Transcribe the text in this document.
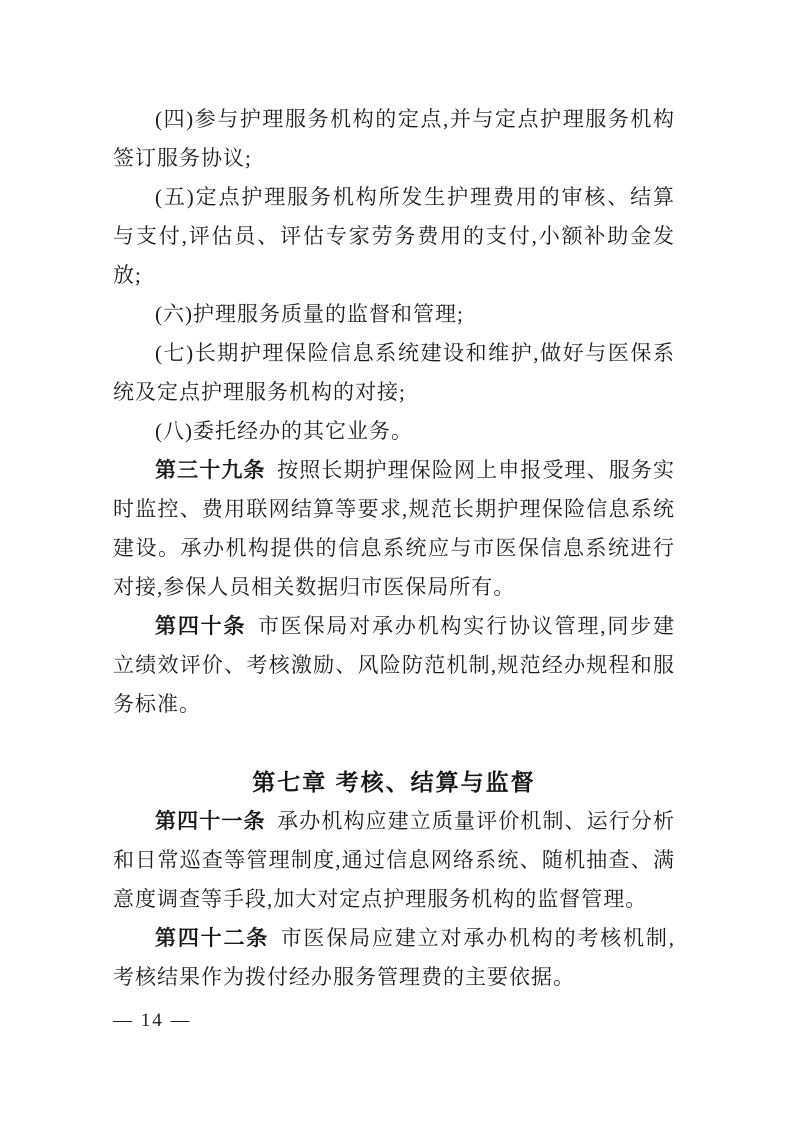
(四)参与护理服务机构的定点,并与定点护理服务机构签订服务协议;

(五)定点护理服务机构所发生护理费用的审核、结算与支付,评估员、评估专家劳务费用的支付,小额补助金发放;

(六)护理服务质量的监督和管理;

(七)长期护理保险信息系统建设和维护,做好与医保系统及定点护理服务机构的对接;

(八)委托经办的其它业务。

第三十九条 按照长期护理保险网上申报受理、服务实时监控、费用联网结算等要求,规范长期护理保险信息系统建设。承办机构提供的信息系统应与市医保信息系统进行对接,参保人员相关数据归市医保局所有。

第四十条 市医保局对承办机构实行协议管理,同步建立绩效评价、考核激励、风险防范机制,规范经办规程和服务标准。

第七章 考核、结算与监督

第四十一条 承办机构应建立质量评价机制、运行分析和日常巡查等管理制度,通过信息网络系统、随机抽查、满意度调查等手段,加大对定点护理服务机构的监督管理。

第四十二条 市医保局应建立对承办机构的考核机制,考核结果作为拨付经办服务管理费的主要依据。

— 14 —
